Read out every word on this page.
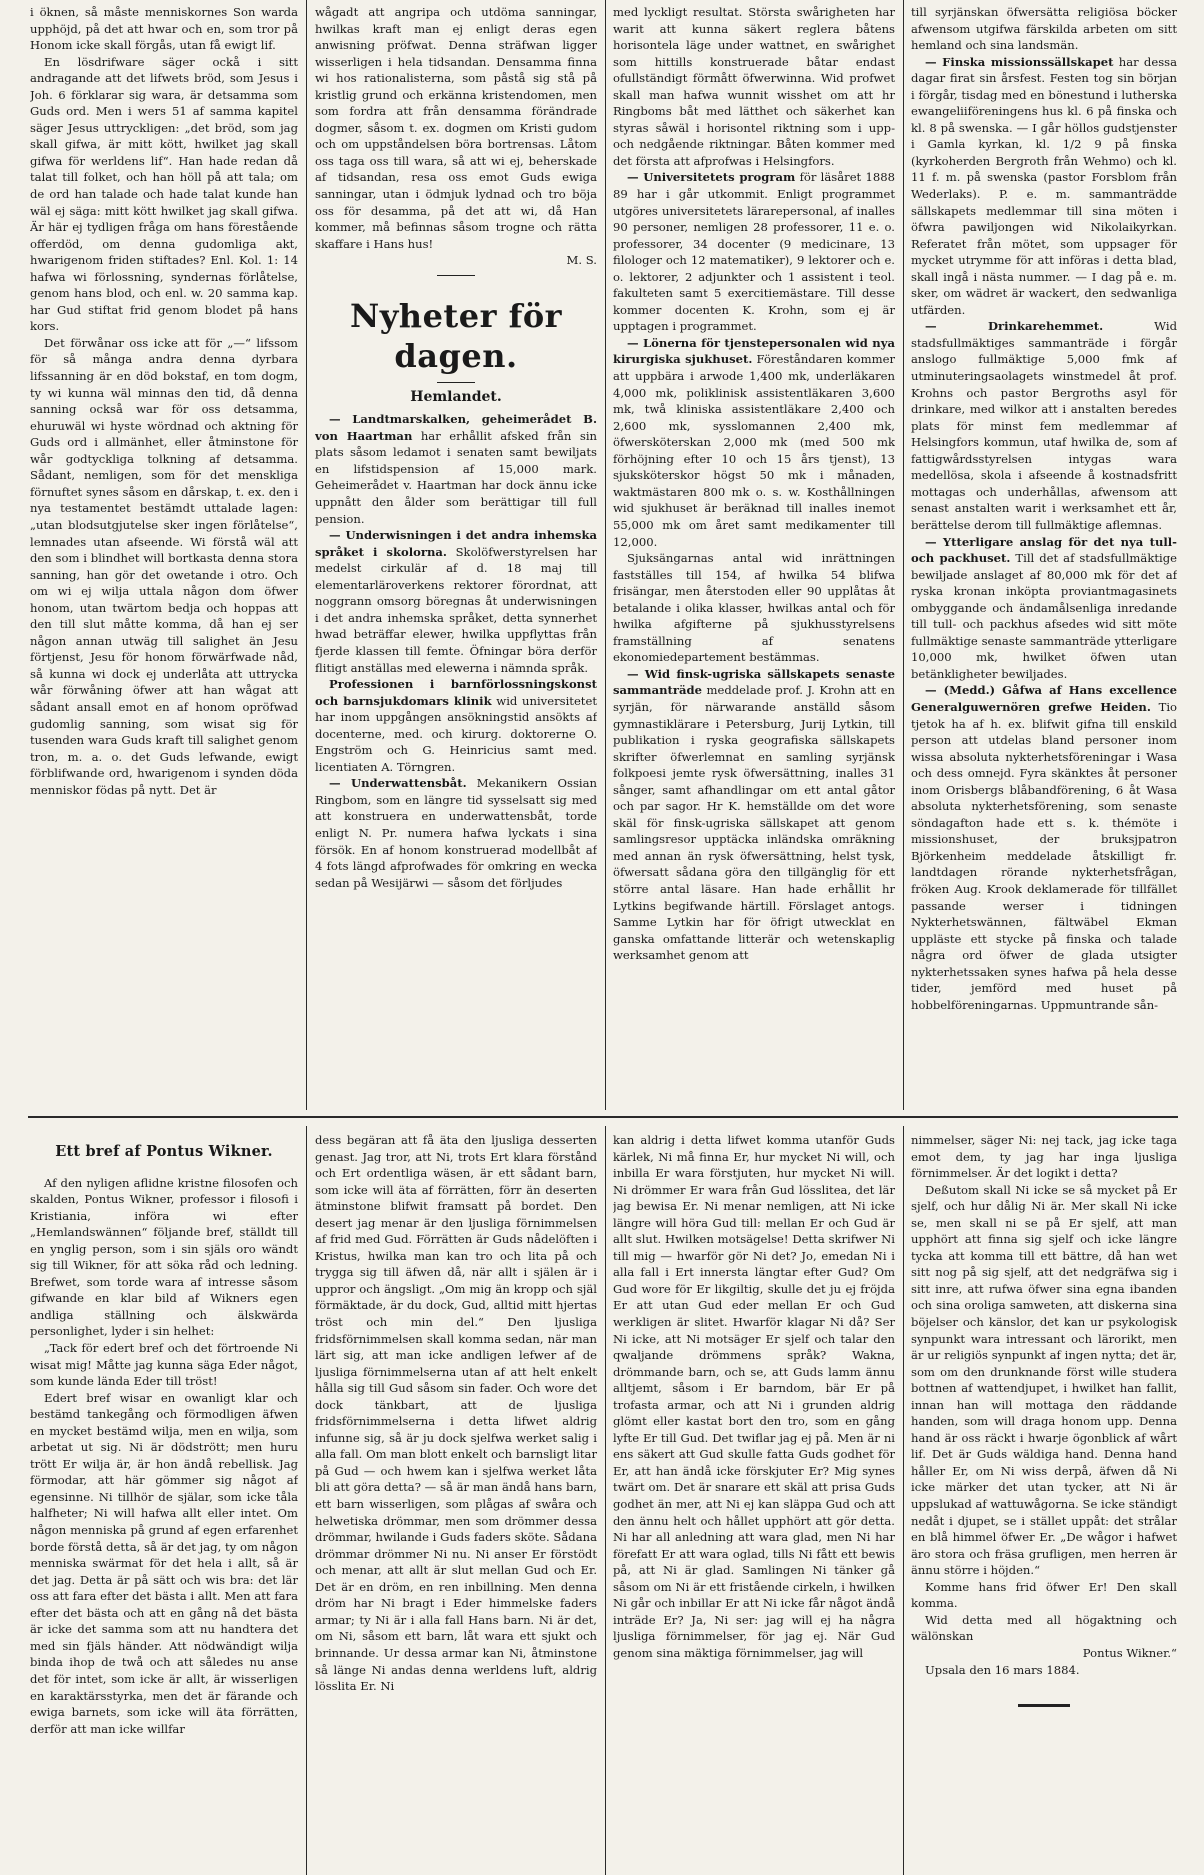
i öknen, så måste menniskornes Son warda upphöjd, på det att hwar och en, som tror på Honom icke skall förgås, utan få ewigt lif.

En lösdrifware säger ockå i sitt andragande att det lifwets bröd, som Jesus i Joh. 6 förklarar sig wara, är detsamma som Guds ord. Men i wers 51 af samma kapitel säger Jesus uttryckligen: „det bröd, som jag skall gifwa, är mitt kött, hwilket jag skall gifwa för werldens lif“. Han hade redan då talat till folket, och han höll på att tala; om de ord han talade och hade talat kunde han wäl ej säga: mitt kött hwilket jag skall gifwa. Är här ej tydligen fråga om hans förestående offerdöd, om denna gudomliga akt, hwarigenom friden stiftades? Enl. Kol. 1: 14 hafwa wi förlossning, syndernas förlåtelse, genom hans blod, och enl. w. 20 samma kap. har Gud stiftat frid genom blodet på hans kors.

Det förwånar oss icke att för „—“ lifssom för så många andra denna dyrbara lifssanning är en död bokstaf, en tom dogm, ty wi kunna wäl minnas den tid, då denna sanning också war för oss detsamma, ehuruwäl wi hyste wördnad och aktning för Guds ord i allmänhet, eller åtminstone för wår godtyckliga tolkning af detsamma. Sådant, nemligen, som för det menskliga förnuftet synes såsom en dårskap, t. ex. den i nya testamentet bestämdt uttalade lagen: „utan blodsutgjutelse sker ingen förlåtelse“, lemnades utan afseende. Wi förstå wäl att den som i blindhet will bortkasta denna stora sanning, han gör det owetande i otro. Och om wi ej wilja uttala någon dom öfwer honom, utan twärtom bedja och hoppas att den till slut måtte komma, då han ej ser någon annan utwäg till salighet än Jesu förtjenst, Jesu för honom förwärfwade nåd, så kunna wi dock ej underlåta att uttrycka wår förwåning öfwer att han wågat att sådant ansall emot en af honom opröfwad gudomlig sanning, som wisat sig för tusenden wara Guds kraft till salighet genom tron, m. a. o. det Guds lefwande, ewigt förblifwande ord, hwarigenom i synden döda menniskor födas på nytt. Det är

wågadt att angripa och utdöma sanningar, hwilkas kraft man ej enligt deras egen anwisning pröfwat. Denna sträfwan ligger wisserligen i hela tidsandan. Densamma finna wi hos rationalisterna, som påstå sig stå på kristlig grund och erkänna kristendomen, men som fordra att från densamma förändrade dogmer, såsom t. ex. dogmen om Kristi gudom och om uppståndelsen böra bortrensas. Låtom oss taga oss till wara, så att wi ej, beherskade af tidsandan, resa oss emot Guds ewiga sanningar, utan i ödmjuk lydnad och tro böja oss för desamma, på det att wi, då Han kommer, må befinnas såsom trogne och rätta skaffare i Hans hus!

M. S.

Nyheter för dagen.
Hemlandet.

— Landtmarskalken, geheimerådet B. von Haartman har erhållit afsked från sin plats såsom ledamot i senaten samt bewiljats en lifstidspension af 15,000 mark. Geheimerådet v. Haartman har dock ännu icke uppnått den ålder som berättigar till full pension.

— Underwisningen i det andra inhemska språket i skolorna. Skolöfwerstyrelsen har medelst cirkulär af d. 18 maj till elementarläroverkens rektorer förordnat, att noggrann omsorg böregnas åt underwisningen i det andra inhemska språket, detta synnerhet hwad beträffar elewer, hwilka uppflyttas från fjerde klassen till femte. Öfningar böra derför flitigt anställas med elewerna i nämnda språk.

Professionen i barnförlossningskonst och barnsjukdomars klinik wid universitetet har inom uppgången ansökningstid ansökts af docenterne, med. och kirurg. doktorerne O. Engström och G. Heinricius samt med. licentiaten A. Törngren.

— Underwattensbåt. Mekanikern Ossian Ringbom, som en längre tid sysselsatt sig med att konstruera en underwattensbåt, torde enligt N. Pr. numera hafwa lyckats i sina försök. En af honom konstruerad modellbåt af 4 fots längd afprofwades för omkring en wecka sedan på Wesijärwi — såsom det förljudes

med lyckligt resultat. Största swårigheten har warit att kunna säkert reglera båtens horisontela läge under wattnet, en swårighet som hittills konstruerade båtar endast ofullständigt förmått öfwerwinna. Wid profwet skall man hafwa wunnit wisshet om att hr Ringboms båt med lätthet och säkerhet kan styras såwäl i horisontel riktning som i upp- och nedgående riktningar. Båten kommer med det första att afprofwas i Helsingfors.

— Universitetets program för läsåret 1888 89 har i går utkommit. Enligt programmet utgöres universitetets lärarepersonal, af inalles 90 personer, nemligen 28 professorer, 11 e. o. professorer, 34 docenter (9 medicinare, 13 filologer och 12 matematiker), 9 lektorer och e. o. lektorer, 2 adjunkter och 1 assistent i teol. fakulteten samt 5 exercitiemästare. Till desse kommer docenten K. Krohn, som ej är upptagen i programmet.

— Lönerna för tjenstepersonalen wid nya kirurgiska sjukhuset. Föreståndaren kommer att uppbära i arwode 1,400 mk, underläkaren 4,000 mk, poliklinisk assistentläkaren 3,600 mk, twå kliniska assistentläkare 2,400 och 2,600 mk, sysslomannen 2,400 mk, öfwersköterskan 2,000 mk (med 500 mk förhöjning efter 10 och 15 års tjenst), 13 sjuksköterskor högst 50 mk i månaden, waktmästaren 800 mk o. s. w. Kosthållningen wid sjukhuset är beräknad till inalles inemot 55,000 mk om året samt medikamenter till 12,000.

Sjuksängarnas antal wid inrättningen fastställes till 154, af hwilka 54 blifwa frisängar, men återstoden eller 90 upplåtas åt betalande i olika klasser, hwilkas antal och för hwilka afgifterne på sjukhusstyrelsens framställning af senatens ekonomiedepartement bestämmas.

— Wid finsk-ugriska sällskapets senaste sammanträde meddelade prof. J. Krohn att en syrjän, för närwarande anställd såsom gymnastiklärare i Petersburg, Jurij Lytkin, till publikation i ryska geografiska sällskapets skrifter öfwerlemnat en samling syrjänsk folkpoesi jemte rysk öfwersättning, inalles 31 sånger, samt afhandlingar om ett antal gåtor och par sagor. Hr K. hemställde om det wore skäl för finsk-ugriska sällskapet att genom samlingsresor upptäcka inländska omräkning med annan än rysk öfwersättning, helst tysk, öfwersatt sådana göra den tillgänglig för ett större antal läsare. Han hade erhållit hr Lytkins begifwande härtill. Förslaget antogs. Samme Lytkin har för öfrigt utwecklat en ganska omfattande litterär och wetenskaplig werksamhet genom att

till syrjänskan öfwersätta religiösa böcker afwensom utgifwa färskilda arbeten om sitt hemland och sina landsmän.

— Finska missionssällskapet har dessa dagar firat sin årsfest. Festen tog sin början i förgår, tisdag med en bönestund i lutherska ewangeliiföreningens hus kl. 6 på finska och kl. 8 på swenska. — I går höllos gudstjenster i Gamla kyrkan, kl. 1/2 9 på finska (kyrkoherden Bergroth från Wehmo) och kl. 11 f. m. på swenska (pastor Forsblom från Wederlaks). P. e. m. sammanträdde sällskapets medlemmar till sina möten i öfwra pawiljongen wid Nikolaikyrkan. Referatet från mötet, som uppsager för mycket utrymme för att införas i detta blad, skall ingå i nästa nummer. — I dag på e. m. sker, om wädret är wackert, den sedwanliga utfärden.

— Drinkarehemmet.	Wid stadsfullmäktiges sammanträde i förgår anslogo fullmäktige 5,000 fmk af utminuteringsaolagets winstmedel åt prof. Krohns och pastor Bergroths asyl för drinkare, med wilkor att i anstalten beredes plats för minst fem medlemmar af Helsingfors kommun, utaf hwilka de, som af fattigwårdsstyrelsen intygas wara medellösa, skola i afseende å kostnadsfritt mottagas och underhållas, afwensom att senast anstalten warit i werksamhet ett år, berättelse derom till fullmäktige aflemnas.

— Ytterligare anslag för det nya tull- och packhuset. Till det af stadsfullmäktige bewiljade anslaget af 80,000 mk för det af ryska kronan inköpta proviantmagasinets ombyggande och ändamålsenliga inredande till tull- och packhus afsedes wid sitt möte fullmäktige senaste sammanträde ytterligare 10,000 mk, hwilket öfwen utan betänkligheter bewiljades.

— (Medd.) Gåfwa af Hans excellence Generalguwernören grefwe Heiden. Tio tjetok ha af h. ex. blifwit gifna till enskild person att utdelas bland personer inom wissa absoluta nykterhetsföreningar i Wasa och dess omnejd. Fyra skänktes åt personer inom Orisbergs blåbandförening, 6 åt Wasa absoluta nykterhetsförening, som senaste söndagafton hade ett s. k. thémöte i missionshuset, der bruksjpatron Björkenheim meddelade åtskilligt fr. landtdagen rörande nykterhetsfrågan, fröken Aug. Krook deklamerade för tillfället passande werser i tidningen Nykterhetswännen, fältwäbel Ekman uppläste ett stycke på finska och talade några ord öfwer de glada utsigter nykterhetssaken synes hafwa på hela desse tider, jemförd med huset på hobbelföreningarnas. Uppmuntrande sån-

Ett bref af Pontus Wikner.

Af den nyligen aflidne kristne filosofen och skalden, Pontus Wikner, professor i filosofi i Kristiania, införa wi efter „Hemlandswännen“ följande bref, ställdt till en ynglig person, som i sin själs oro wändt sig till Wikner, för att söka råd och ledning. Brefwet, som torde wara af intresse såsom gifwande en klar bild af Wikners egen andliga ställning och älskwärda personlighet, lyder i sin helhet:

„Tack för edert bref och det förtroende Ni wisat mig! Måtte jag kunna säga Eder något, som kunde lända Eder till tröst!

Edert bref wisar en owanligt klar och bestämd tankegång och förmodligen äfwen en mycket bestämd wilja, men en wilja, som arbetat ut sig. Ni är dödstrött; men huru trött Er wilja är, är hon ändå rebellisk. Jag förmodar, att här gömmer sig något af egensinne. Ni tillhör de själar, som icke tåla halfheter; Ni will hafwa allt eller intet. Om någon menniska på grund af egen erfarenhet borde förstå detta, så är det jag, ty om någon menniska swärmat för det hela i allt, så är det jag. Detta är på sätt och wis bra: det lär oss att fara efter det bästa i allt. Men att fara efter det bästa och att en gång nå det bästa är icke det samma som att nu handtera det med sin fjäls händer. Att nödwändigt wilja binda ihop de twå och att således nu anse det för intet, som icke är allt, är wisserligen en karaktärsstyrka, men det är färande och ewiga barnets, som icke will äta förrätten, derför att man icke willfar

dess begäran att få äta den ljusliga desserten genast. Jag tror, att Ni, trots Ert klara förstånd och Ert ordentliga wäsen, är ett sådant barn, som icke will äta af förrätten, förr än deserten ätminstone blifwit framsatt på bordet. Den desert jag menar är den ljusliga förnimmelsen af frid med Gud. Förrätten är Guds nådelöften i Kristus, hwilka man kan tro och lita på och trygga sig till äfwen då, när allt i själen är i uppror och ängsligt. „Om mig än kropp och själ förmäktade, är du dock, Gud, alltid mitt hjertas tröst och min del.“ Den ljusliga fridsförnimmelsen skall komma sedan, när man lärt sig, att man icke andligen lefwer af de ljusliga förnimmelserna utan af att helt enkelt hålla sig till Gud såsom sin fader. Och wore det dock tänkbart, att de ljusliga fridsförnimmelserna i detta lifwet aldrig infunne sig, så är ju dock sjelfwa werket salig i alla fall. Om man blott enkelt och barnsligt litar på Gud — och hwem kan i sjelfwa werket låta bli att göra detta? — så är man ändå hans barn, ett barn wisserligen, som plågas af swåra och helwetiska drömmar, men som drömmer dessa drömmar, hwilande i Guds faders sköte. Sådana drömmar drömmer Ni nu. Ni anser Er förstödt och menar, att allt är slut mellan Gud och Er. Det är en dröm, en ren inbillning. Men denna dröm har Ni bragt i Eder himmelske faders armar; ty Ni är i alla fall Hans barn. Ni är det, om Ni, såsom ett barn, låt wara ett sjukt och brinnande. Ur dessa armar kan Ni, åtminstone så länge Ni andas denna werldens luft, aldrig lösslita Er. Ni

kan aldrig i detta lifwet komma utanför Guds kärlek, Ni må finna Er, hur mycket Ni will, och inbilla Er wara förstjuten, hur mycket Ni will. Ni drömmer Er wara från Gud lösslitea, det lär jag bewisa Er. Ni menar nemligen, att Ni icke längre will höra Gud till: mellan Er och Gud är allt slut. Hwilken motsägelse! Detta skrifwer Ni till mig — hwarför gör Ni det? Jo, emedan Ni i alla fall i Ert innersta längtar efter Gud? Om Gud wore för Er likgiltig, skulle det ju ej fröjda Er att utan Gud eder mellan Er och Gud werkligen är slitet. Hwarför klagar Ni då? Ser Ni icke, att Ni motsäger Er sjelf och talar den qwaljande drömmens språk? Wakna, drömmande barn, och se, att Guds lamm ännu alltjemt, såsom i Er barndom, bär Er på trofasta armar, och att Ni i grunden aldrig glömt eller kastat bort den tro, som en gång lyfte Er till Gud. Det twiflar jag ej på. Men är ni ens säkert att Gud skulle fatta Guds godhet för Er, att han ändå icke förskjuter Er? Mig synes twärt om. Det är snarare ett skäl att prisa Guds godhet än mer, att Ni ej kan släppa Gud och att den ännu helt och hållet upphört att gör detta. Ni har all anledning att wara glad, men Ni har förefatt Er att wara oglad, tills Ni fått ett bewis på, att Ni är glad. Samlingen Ni tänker gå såsom om Ni är ett fristående cirkeln, i hwilken Ni går och inbillar Er att Ni icke får något ändå inträde Er? Ja, Ni ser: jag will ej ha några ljusliga förnimmelser, för jag ej. När Gud genom sina mäktiga förnimmelser, jag will

nimmelser, säger Ni: nej tack, jag icke taga emot dem, ty jag har inga ljusliga förnimmelser. Är det logikt i detta?

Deßutom skall Ni icke se så mycket på Er sjelf, och hur dålig Ni är. Mer skall Ni icke se, men skall ni se på Er sjelf, att man upphört att finna sig sjelf och icke längre tycka att komma till ett bättre, då han wet sitt nog på sig sjelf, att det nedgräfwa sig i sitt inre, att rufwa öfwer sina egna ibanden och sina oroliga samweten, att diskerna sina böjelser och känslor, det kan ur psykologisk synpunkt wara intressant och lärorikt, men är ur religiös synpunkt af ingen nytta; det är, som om den drunknande först wille studera bottnen af wattendjupet, i hwilket han fallit, innan han will mottaga den räddande handen, som will draga honom upp. Denna hand är oss räckt i hwarje ögonblick af wårt lif. Det är Guds wäldiga hand. Denna hand håller Er, om Ni wiss derpå, äfwen då Ni icke märker det utan tycker, att Ni är uppslukad af wattuwågorna. Se icke ständigt nedåt i djupet, se i stället uppåt: det strålar en blå himmel öfwer Er. „De wågor i hafwet äro stora och fräsa grufligen, men herren är ännu större i höjden.“

Komme hans frid öfwer Er! Den skall komma.

Wid detta med all högaktning och wälönskan

Pontus Wikner.“

Upsala den 16 mars 1884.
